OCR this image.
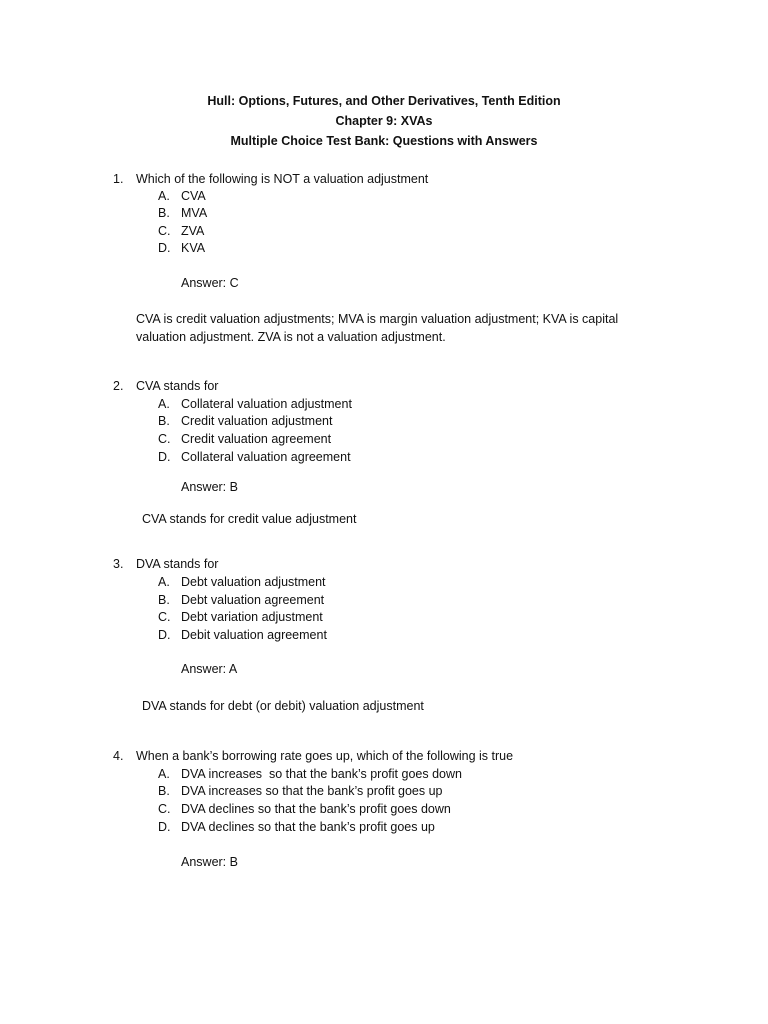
Hull: Options, Futures, and Other Derivatives, Tenth Edition
Chapter 9: XVAs
Multiple Choice Test Bank: Questions with Answers
1. Which of the following is NOT a valuation adjustment
A. CVA
B. MVA
C. ZVA
D. KVA
Answer: C
CVA is credit valuation adjustments; MVA is margin valuation adjustment; KVA is capital valuation adjustment. ZVA is not a valuation adjustment.
2. CVA stands for
A. Collateral valuation adjustment
B. Credit valuation adjustment
C. Credit valuation agreement
D. Collateral valuation agreement
Answer: B
CVA stands for credit value adjustment
3. DVA stands for
A. Debt valuation adjustment
B. Debt valuation agreement
C. Debt variation adjustment
D. Debit valuation agreement
Answer: A
DVA stands for debt (or debit) valuation adjustment
4. When a bank’s borrowing rate goes up, which of the following is true
A. DVA increases  so that the bank’s profit goes down
B. DVA increases so that the bank’s profit goes up
C. DVA declines so that the bank’s profit goes down
D. DVA declines so that the bank’s profit goes up
Answer: B
